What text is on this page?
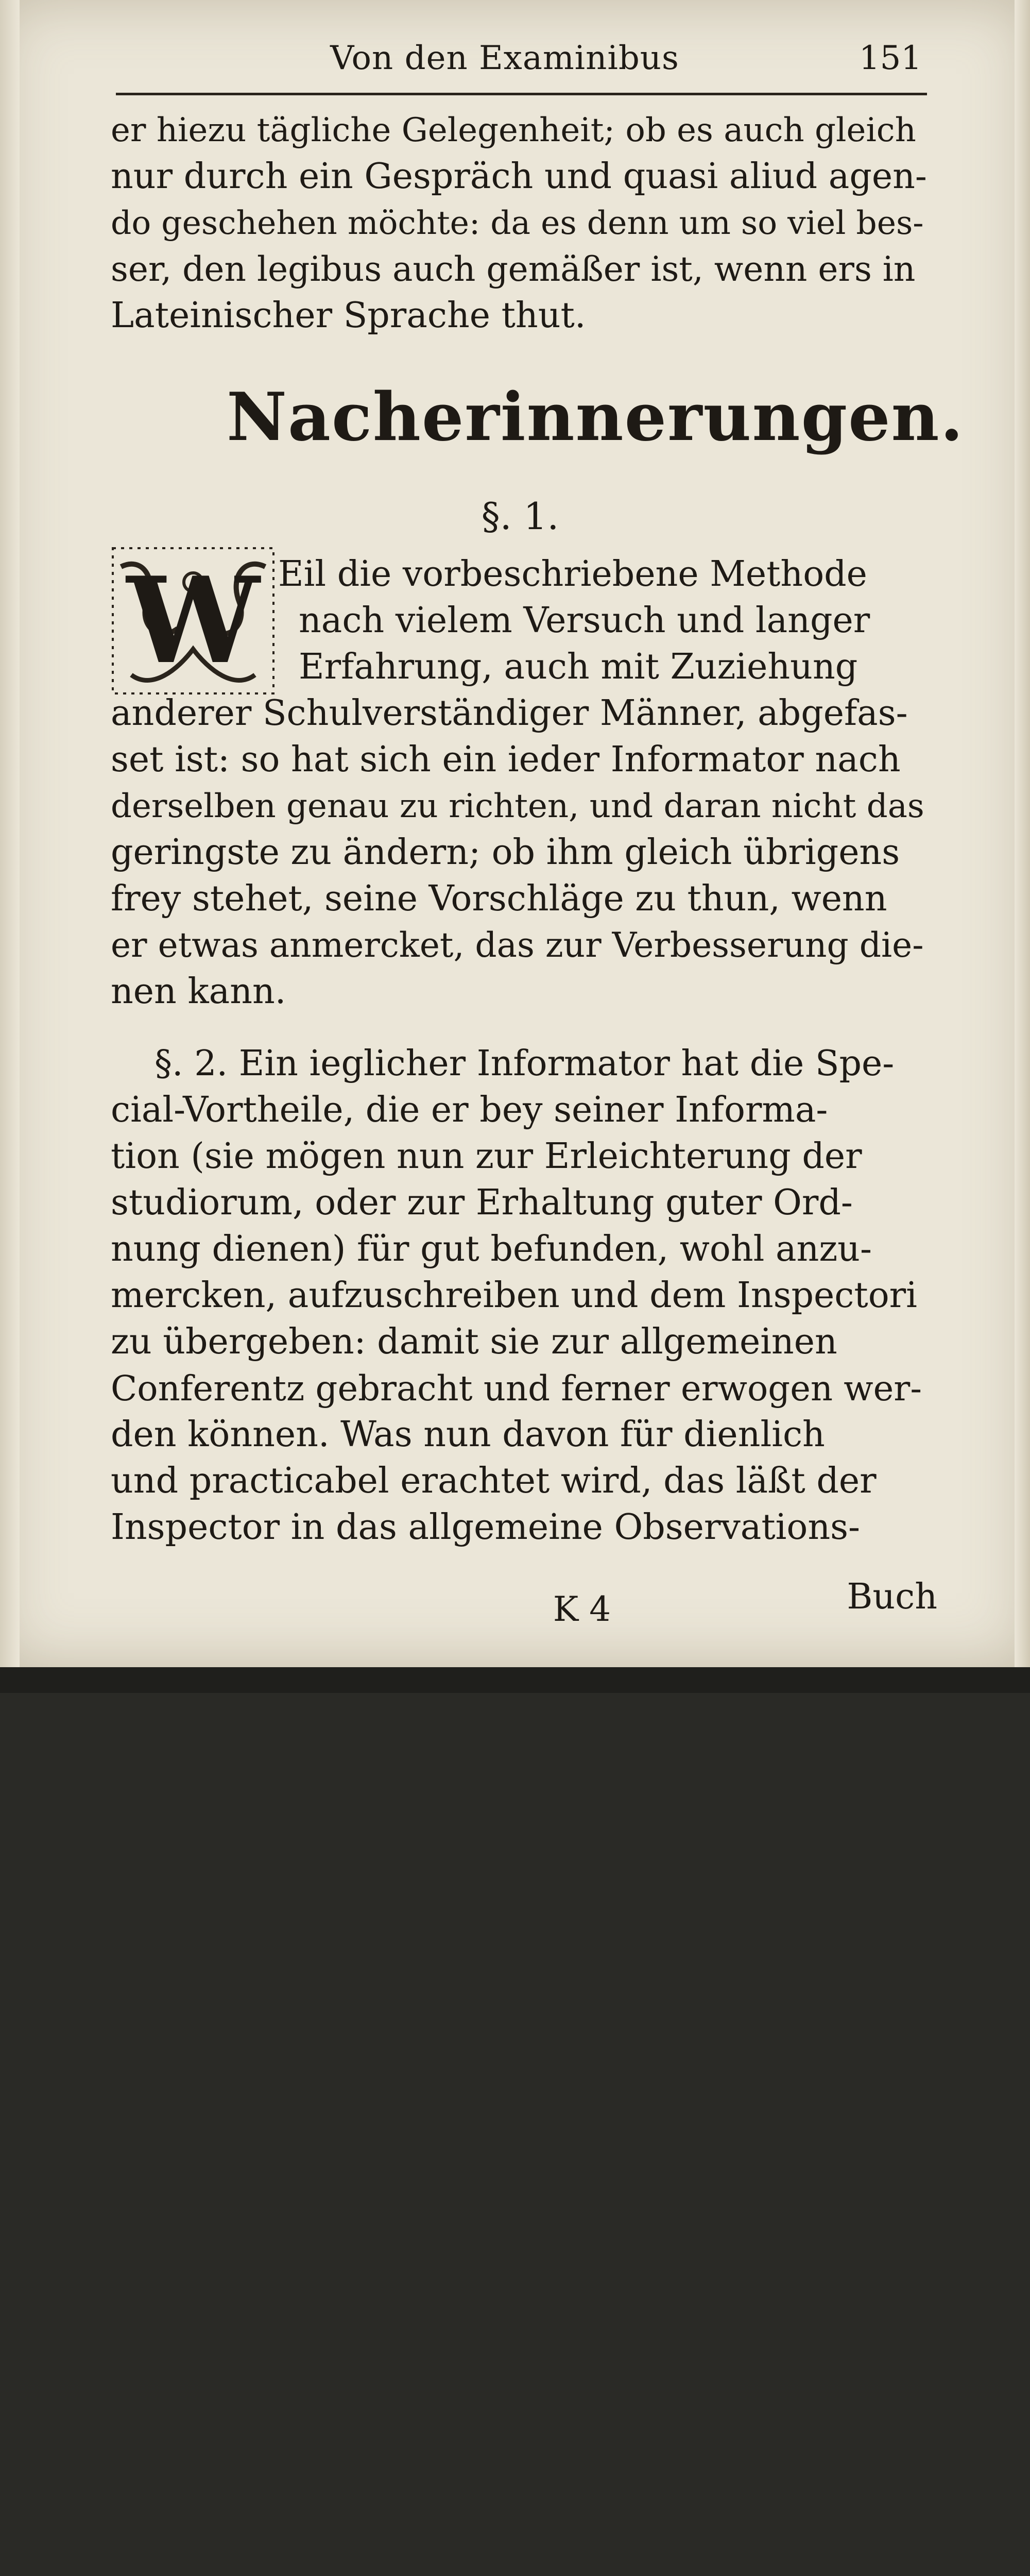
Von den Examinibus	151
er hiezu tägliche Gelegenheit; ob es auch gleich
nur durch ein Gespräch und quasi aliud agen-
do geschehen möchte: da es denn um so viel bes-
ser, den legibus auch gemäßer ist, wenn ers in
Lateinischer Sprache thut.
Nacherinnerungen.
§. 1.
W Eil die vorbeschriebene Methode
nach vielem Versuch und langer
Erfahrung, auch mit Zuziehung
anderer Schulverständiger Männer, abgefas-
set ist: so hat sich ein ieder Informator nach
derselben genau zu richten, und daran nicht das
geringste zu ändern; ob ihm gleich übrigens
frey stehet, seine Vorschläge zu thun, wenn
er etwas anmercket, das zur Verbesserung die-
nen kann.
§. 2. Ein ieglicher Informator hat die Spe-
cial-Vortheile, die er bey seiner Informa-
tion (sie mögen nun zur Erleichterung der
studiorum, oder zur Erhaltung guter Ord-
nung dienen) für gut befunden, wohl anzu-
mercken, aufzuschreiben und dem Inspectori
zu übergeben: damit sie zur allgemeinen
Conferentz gebracht und ferner erwogen wer-
den können. Was nun davon für dienlich
und practicabel erachtet wird, das läßt der
Inspector in das allgemeine Observations-
K 4	Buch
